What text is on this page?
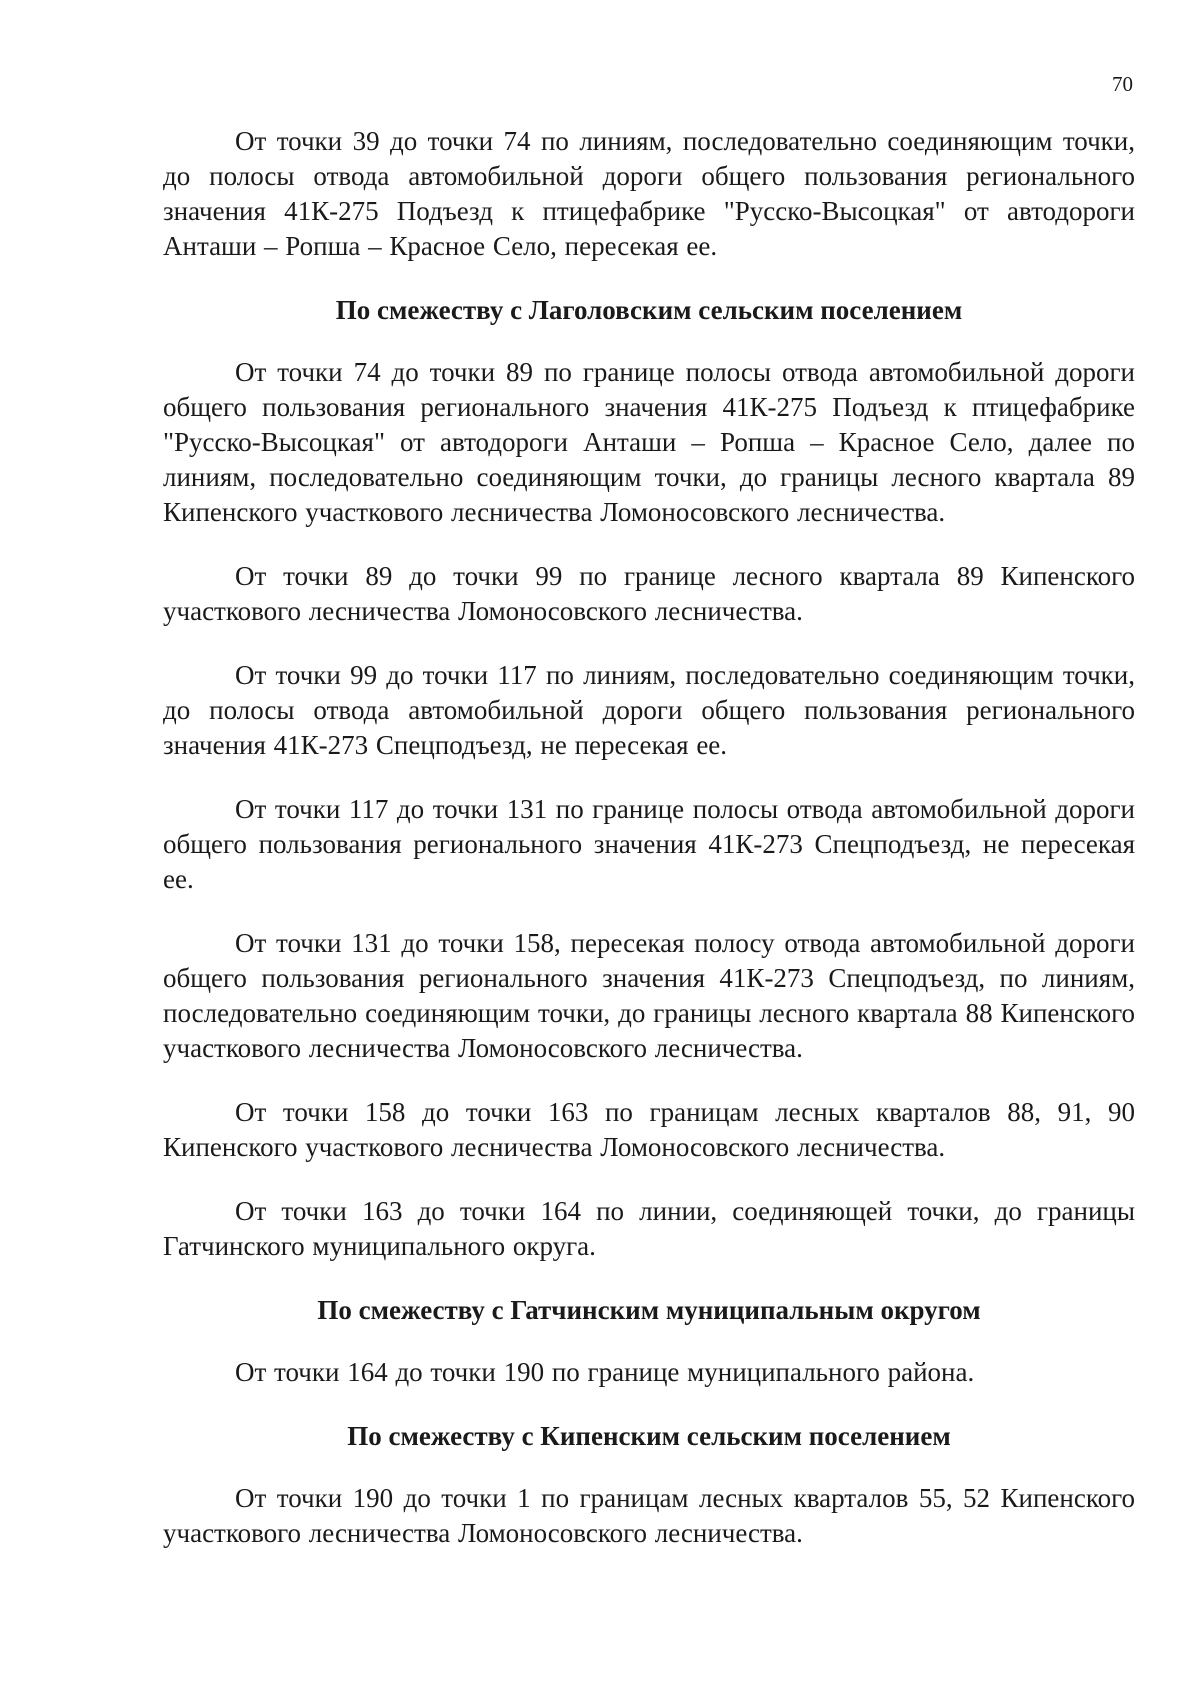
70

От точки 39 до точки 74 по линиям, последовательно соединяющим точки, до полосы отвода автомобильной дороги общего пользования регионального значения 41К-275 Подъезд к птицефабрике "Русско-Высоцкая" от автодороги Анташи – Ропша – Красное Село, пересекая ее.

По смежеству с Лаголовским сельским поселением

От точки 74 до точки 89 по границе полосы отвода автомобильной дороги общего пользования регионального значения 41К-275 Подъезд к птицефабрике "Русско-Высоцкая" от автодороги Анташи – Ропша – Красное Село, далее по линиям, последовательно соединяющим точки, до границы лесного квартала 89 Кипенского участкового лесничества Ломоносовского лесничества.

От точки 89 до точки 99 по границе лесного квартала 89 Кипенского участкового лесничества Ломоносовского лесничества.

От точки 99 до точки 117 по линиям, последовательно соединяющим точки, до полосы отвода автомобильной дороги общего пользования регионального значения 41К-273 Спецподъезд, не пересекая ее.

От точки 117 до точки 131 по границе полосы отвода автомобильной дороги общего пользования регионального значения 41К-273 Спецподъезд, не пересекая ее.

От точки 131 до точки 158, пересекая полосу отвода автомобильной дороги общего пользования регионального значения 41К-273 Спецподъезд, по линиям, последовательно соединяющим точки, до границы лесного квартала 88 Кипенского участкового лесничества Ломоносовского лесничества.

От точки 158 до точки 163 по границам лесных кварталов 88, 91, 90 Кипенского участкового лесничества Ломоносовского лесничества.

От точки 163 до точки 164 по линии, соединяющей точки, до границы Гатчинского муниципального округа.

По смежеству с Гатчинским муниципальным округом

От точки 164 до точки 190 по границе муниципального района.

По смежеству с Кипенским сельским поселением

От точки 190 до точки 1 по границам лесных кварталов 55, 52 Кипенского участкового лесничества Ломоносовского лесничества.
